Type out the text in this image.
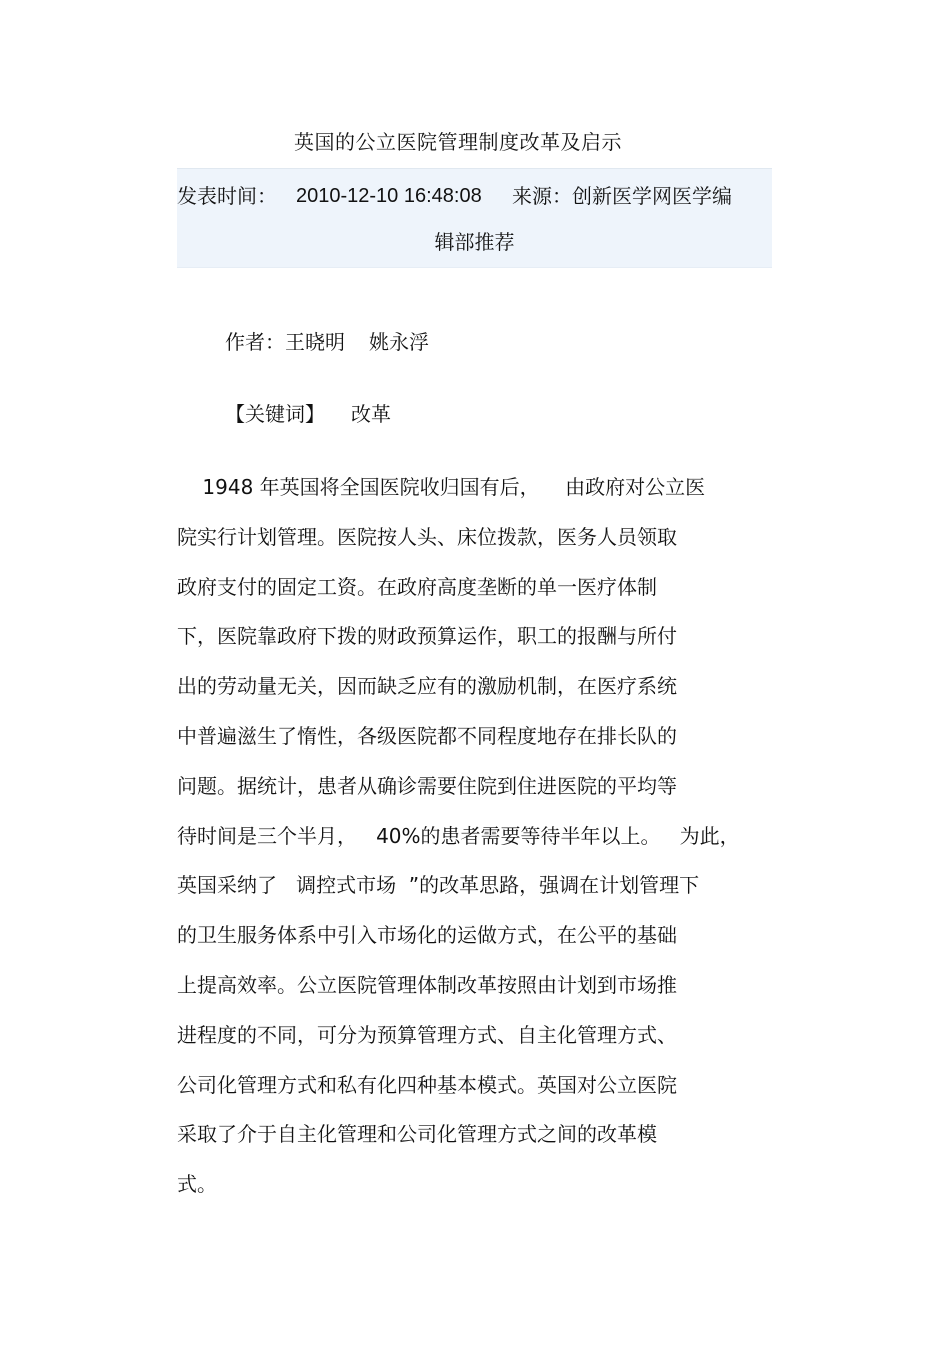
英国的公立医院管理制度改革及启示
发表时间： 2010-12-10 16:48:08 来源：创新医学网医学编
辑部推荐
作者：王晓明 姚永浮
【关键词】 改革
1948 年英国将全国医院收归国有后，    由政府对公立医
院实行计划管理。医院按人头、床位拨款，医务人员领取
政府支付的固定工资。在政府高度垄断的单一医疗体制
下，医院靠政府下拨的财政预算运作，职工的报酬与所付
出的劳动量无关，因而缺乏应有的激励机制，在医疗系统
中普遍滋生了惰性，各级医院都不同程度地存在排长队的
问题。据统计，患者从确诊需要住院到住进医院的平均等
待时间是三个半月，   40%的患者需要等待半年以上。   为此，
英国采纳了   调控式市场  ”的改革思路，强调在计划管理下
的卫生服务体系中引入市场化的运做方式，在公平的基础
上提高效率。公立医院管理体制改革按照由计划到市场推
进程度的不同，可分为预算管理方式、自主化管理方式、
公司化管理方式和私有化四种基本模式。英国对公立医院
采取了介于自主化管理和公司化管理方式之间的改革模
式。
